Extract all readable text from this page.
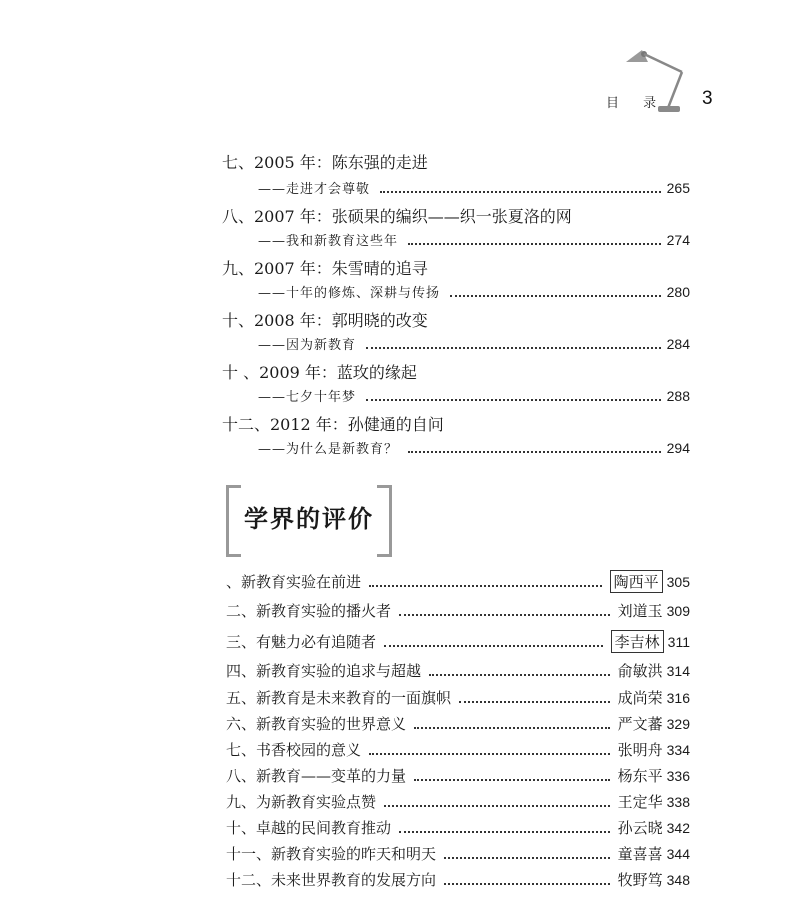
目 录 3
七、2005 年：陈东强的走进
——走进才会尊敬	265
八、2007 年：张硕果的编织——织一张夏洛的网
——我和新教育这些年	274
九、2007 年：朱雪晴的追寻
——十年的修炼、深耕与传扬	280
十、2008 年：郭明晓的改变
——因为新教育	284
十 、2009 年：蓝玫的缘起
——七夕十年梦	288
十二、2012 年：孙健通的自问
——为什么是新教育？	294
学界的评价
、新教育实验在前进	陶西平 305
二、新教育实验的播火者	刘道玉 309
三、有魅力必有追随者	李吉林 311
四、新教育实验的追求与超越	俞敏洪 314
五、新教育是未来教育的一面旗帜	成尚荣 316
六、新教育实验的世界意义	严文蕃 329
七、书香校园的意义	张明舟 334
八、新教育——变革的力量	杨东平 336
九、为新教育实验点赞	王定华 338
十、卓越的民间教育推动	孙云晓 342
十一、新教育实验的昨天和明天	童喜喜 344
十二、未来世界教育的发展方向	牧野笃 348
